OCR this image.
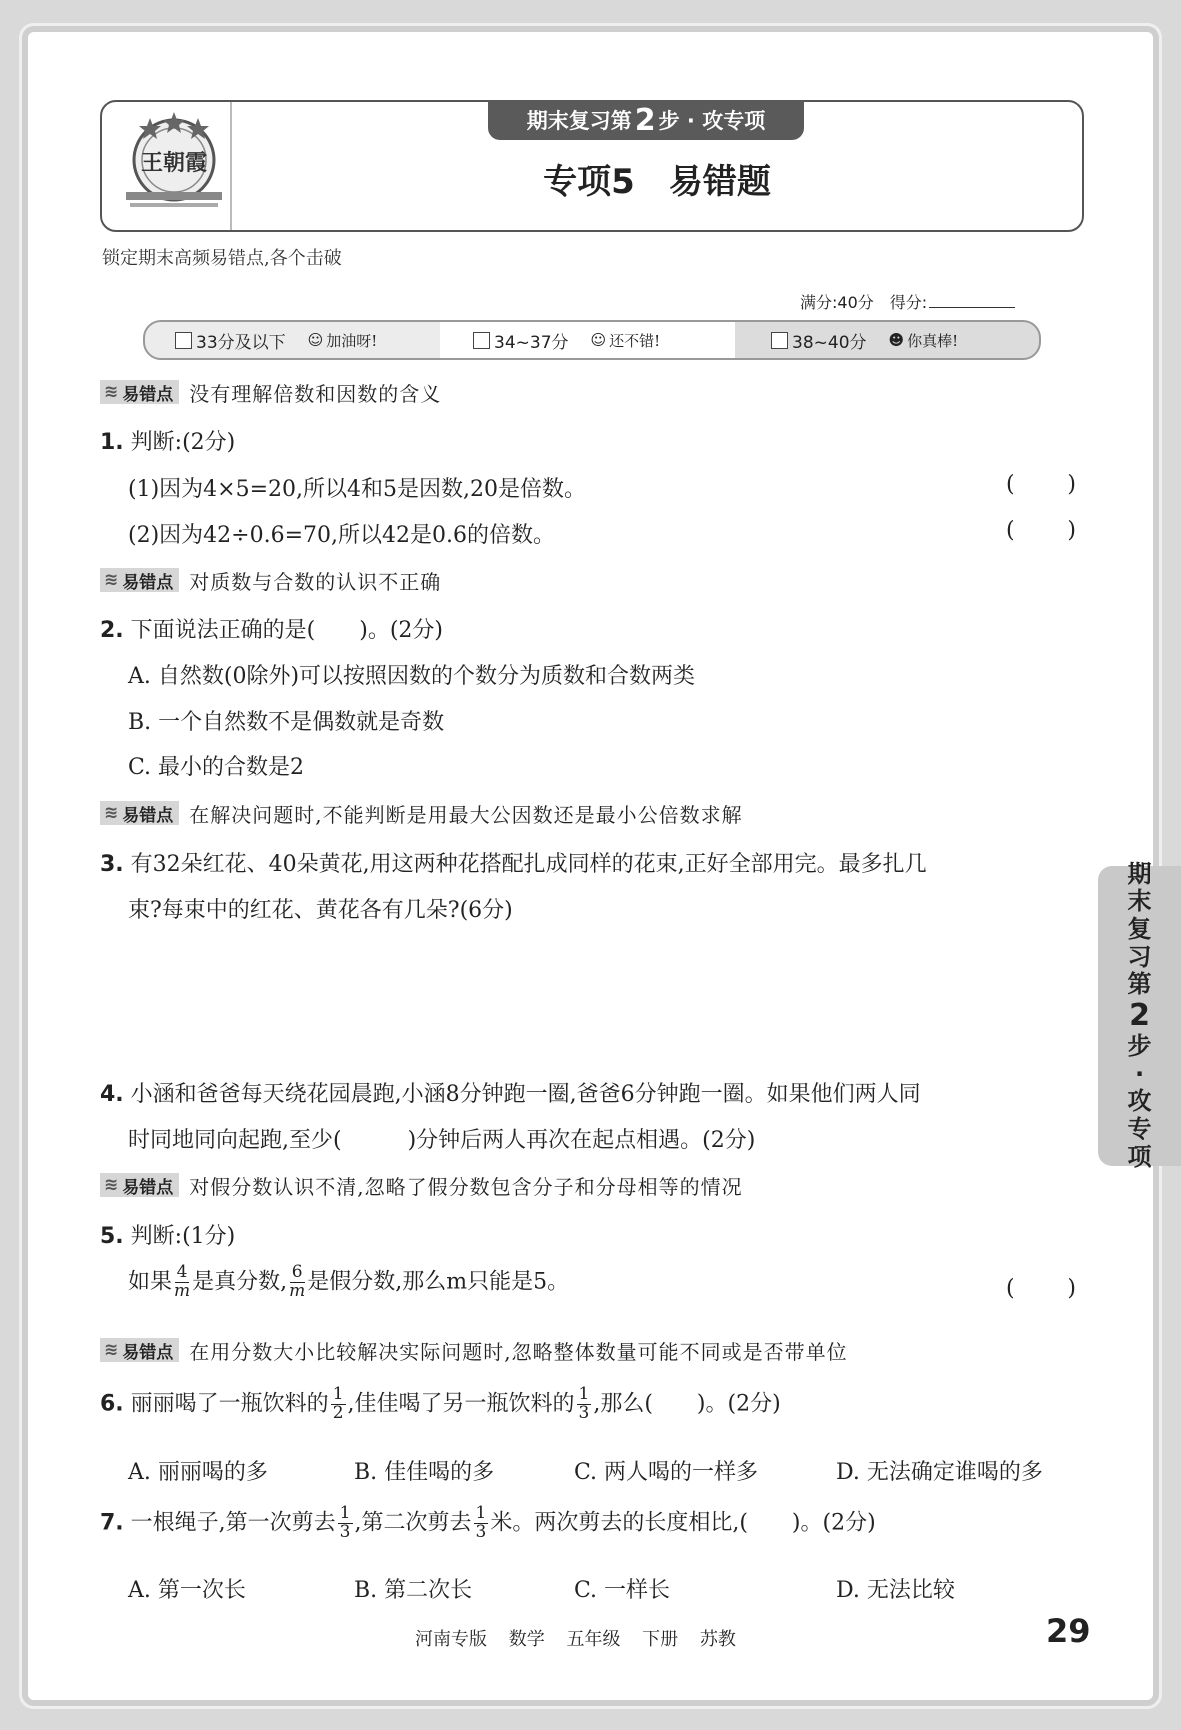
王朝霞
期末复习第 2 步 · 攻专项
专项5　易错题
锁定期末高频易错点,各个击破
满分:40分　 得分:
33分及以下 ☺ 加油呀!	34~37分 ☺ 还不错!	38~40分 ☻ 你真棒!
≋ 易错点 没有理解倍数和因数的含义
1. 判断:(2分)
(1)因为4×5=20,所以4和5是因数,20是倍数。	( )
(2)因为42÷0.6=70,所以42是0.6的倍数。	( )
≋ 易错点 对质数与合数的认识不正确
2. 下面说法正确的是(　　)。(2分)
A. 自然数(0除外)可以按照因数的个数分为质数和合数两类
B. 一个自然数不是偶数就是奇数
C. 最小的合数是2
≋ 易错点 在解决问题时,不能判断是用最大公因数还是最小公倍数求解
3. 有32朵红花、40朵黄花,用这两种花搭配扎成同样的花束,正好全部用完。最多扎几
束?每束中的红花、黄花各有几朵?(6分)
4. 小涵和爸爸每天绕花园晨跑,小涵8分钟跑一圈,爸爸6分钟跑一圈。如果他们两人同
时同地同向起跑,至少(　　　)分钟后两人再次在起点相遇。(2分)
≋ 易错点 对假分数认识不清,忽略了假分数包含分子和分母相等的情况
5. 判断:(1分)
如果 $\frac{4}{m}$ 是真分数, $\frac{6}{m}$ 是假分数,那么m只能是5。	( )
≋ 易错点 在用分数大小比较解决实际问题时,忽略整体数量可能不同或是否带单位
6. 丽丽喝了一瓶饮料的 $\frac{1}{2}$ ,佳佳喝了另一瓶饮料的 $\frac{1}{3}$ ,那么(　　)。(2分)
A. 丽丽喝的多	B. 佳佳喝的多	C. 两人喝的一样多	D. 无法确定谁喝的多
7. 一根绳子,第一次剪去 $\frac{1}{3}$ ,第二次剪去 $\frac{1}{3}$ 米。两次剪去的长度相比,(　　)。(2分)
A. 第一次长	B. 第二次长	C. 一样长	D. 无法比较
期
末
复
习
第
2
步
·
攻
专
项
河南专版 数学 五年级 下册 苏教	29
